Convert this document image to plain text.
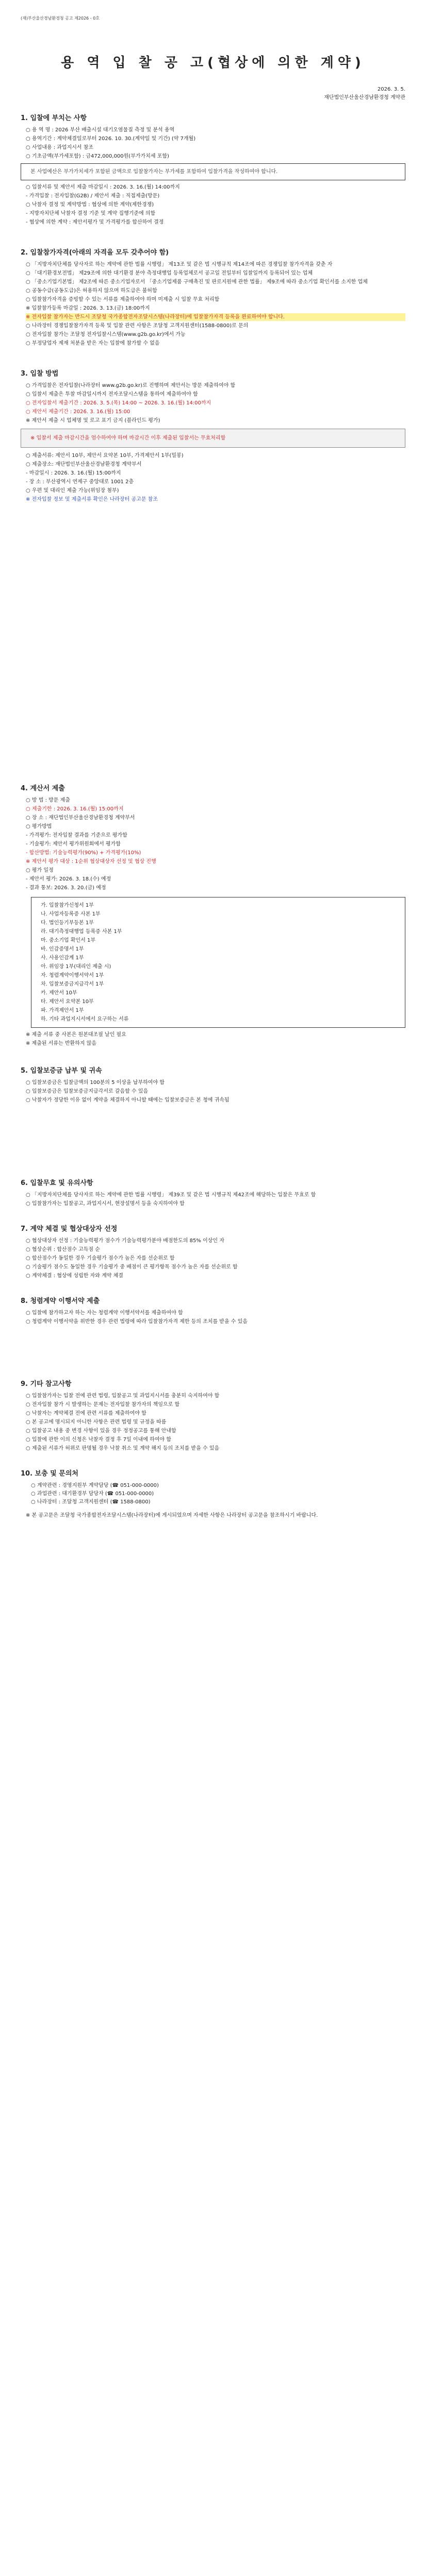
(재)부산울산경남환경청 공고 제2026 - 0호
용 역 입 찰 공 고(협상에 의한 계약)
2026. 3. 5.
재단법인부산울산경남환경청 계약관
1. 입찰에 부치는 사항
○ 용 역 명 : 2026 부산 배출시설 대기오염물질 측정 및 분석 용역
○ 용역기간 : 계약체결일로부터 2026. 10. 30.(계약일 및 기간) (약 7개월)
○ 사업내용 : 과업지시서 참조
○ 기초금액(부가세포함) : 금472,000,000원(부가가치세 포함)
본 사업예산은 부가가치세가 포함된 금액으로 입찰참가자는 부가세를 포함하여 입찰가격을 작성하여야 합니다.
○ 입찰서류 및 제안서 제출 마감일시 : 2026. 3. 16.(월) 14:00까지
- 가격입찰 : 전자입찰(G2B) / 제안서 제출 : 직접제출(방문)
○ 낙찰자 결정 및 계약방법 : 협상에 의한 계약(제한경쟁)
- 지방자치단체 낙찰자 결정 기준 및 계약 집행기준에 의함
- 협상에 의한 계약 : 제안서평가 및 가격평가를 합산하여 결정
2. 입찰참가자격(아래의 자격을 모두 갖추어야 함)
○ 「지방자치단체를 당사자로 하는 계약에 관한 법률 시행령」 제13조 및 같은 법 시행규칙 제14조에 따른 경쟁입찰 참가자격을 갖춘 자
○ 「대기환경보전법」 제29조에 의한 대기환경 분야 측정대행업 등록업체로서 공고일 전일부터 입찰일까지 등록되어 있는 업체
○ 「중소기업기본법」 제2조에 따른 중소기업자로서 「중소기업제품 구매촉진 및 판로지원에 관한 법률」 제9조에 따라 중소기업 확인서를 소지한 업체
○ 공동수급(공동도급)은 허용하지 않으며 하도급은 불허함
○ 입찰참가자격을 증빙할 수 있는 서류를 제출하여야 하며 미제출 시 입찰 무효 처리함
※ 입찰참가등록 마감일 : 2026. 3. 13.(금) 18:00까지
※ 전자입찰 참가자는 반드시 조달청 국가종합전자조달시스템(나라장터)에 입찰참가자격 등록을 완료하여야 합니다.
○ 나라장터 경쟁입찰참가자격 등록 및 입찰 관련 사항은 조달청 고객지원센터(1588-0800)로 문의
○ 전자입찰 참가는 조달청 전자입찰시스템(www.g2b.go.kr)에서 가능
○ 부정당업자 제재 처분을 받은 자는 입찰에 참가할 수 없음
3. 입찰 방법
○ 가격입찰은 전자입찰(나라장터 www.g2b.go.kr)로 진행하며 제안서는 방문 제출하여야 함
○ 입찰서 제출은 투찰 마감일시까지 전자조달시스템을 통하여 제출하여야 함
○ 전자입찰서 제출기간 : 2026. 3. 5.(목) 14:00 ~ 2026. 3. 16.(월) 14:00까지
○ 제안서 제출기간 : 2026. 3. 16.(월) 15:00
※ 제안서 제출 시 업체명 및 로고 표기 금지 (블라인드 평가)
※ 입찰서 제출 마감시간을 엄수하여야 하며 마감시간 이후 제출된 입찰서는 무효처리함
○ 제출서류: 제안서 10부, 제안서 요약본 10부, 가격제안서 1부(밀봉)
○ 제출장소: 재단법인부산울산경남환경청 계약부서
- 마감일시 : 2026. 3. 16.(월) 15:00까지
- 장 소 : 부산광역시 연제구 중앙대로 1001 2층
○ 우편 및 대리인 제출 가능(위임장 첨부)
※ 전자입찰 정보 및 제출서류 확인은 나라장터 공고문 참조
4. 계산서 제출
○ 방 법 : 방문 제출
○ 제출기한 : 2026. 3. 16.(월) 15:00까지
○ 장 소 : 재단법인부산울산경남환경청 계약부서
○ 평가방법
- 가격평가: 전자입찰 결과를 기준으로 평가함
- 기술평가: 제안서 평가위원회에서 평가함
- 합산방법: 기술능력평가(90%) + 가격평가(10%)
※ 제안서 평가 대상 : 1순위 협상대상자 선정 및 협상 진행
○ 평가 일정
- 제안서 평가: 2026. 3. 18.(수) 예정
- 결과 통보: 2026. 3. 20.(금) 예정
가. 입찰참가신청서 1부
나. 사업자등록증 사본 1부
다. 법인등기부등본 1부
라. 대기측정대행업 등록증 사본 1부
마. 중소기업 확인서 1부
바. 인감증명서 1부
사. 사용인감계 1부
아. 위임장 1부(대리인 제출 시)
자. 청렴계약이행서약서 1부
차. 입찰보증금지급각서 1부
카. 제안서 10부
타. 제안서 요약본 10부
파. 가격제안서 1부
하. 기타 과업지시서에서 요구하는 서류
※ 제출 서류 중 사본은 원본대조필 날인 필요
※ 제출된 서류는 반환하지 않음
5. 입찰보증금 납부 및 귀속
○ 입찰보증금은 입찰금액의 100분의 5 이상을 납부하여야 함
○ 입찰보증금은 입찰보증금지급각서로 갈음할 수 있음
○ 낙찰자가 정당한 이유 없이 계약을 체결하지 아니할 때에는 입찰보증금은 본 청에 귀속됨
6. 입찰무효 및 유의사항
○ 「지방자치단체를 당사자로 하는 계약에 관한 법률 시행령」 제39조 및 같은 법 시행규칙 제42조에 해당하는 입찰은 무효로 함
○ 입찰참가자는 입찰공고, 과업지시서, 현장설명서 등을 숙지하여야 함
7. 계약 체결 및 협상대상자 선정
○ 협상대상자 선정 : 기술능력평가 점수가 기술능력평가분야 배점한도의 85% 이상인 자
○ 협상순위 : 합산점수 고득점 순
○ 합산점수가 동일한 경우 기술평가 점수가 높은 자를 선순위로 함
○ 기술평가 점수도 동일한 경우 기술평가 중 배점이 큰 평가항목 점수가 높은 자를 선순위로 함
○ 계약체결 : 협상에 성립한 자와 계약 체결
8. 청렴계약 이행서약 제출
○ 입찰에 참가하고자 하는 자는 청렴계약 이행서약서를 제출하여야 함
○ 청렴계약 이행서약을 위반한 경우 관련 법령에 따라 입찰참가자격 제한 등의 조치를 받을 수 있음
9. 기타 참고사항
○ 입찰참가자는 입찰 전에 관련 법령, 입찰공고 및 과업지시서를 충분히 숙지하여야 함
○ 전자입찰 참가 시 발생하는 문제는 전자입찰 참가자의 책임으로 함
○ 낙찰자는 계약체결 전에 관련 서류를 제출하여야 함
○ 본 공고에 명시되지 아니한 사항은 관련 법령 및 규정을 따름
○ 입찰공고 내용 중 변경 사항이 있을 경우 정정공고를 통해 안내함
○ 입찰에 관한 이의 신청은 낙찰자 결정 후 7일 이내에 하여야 함
○ 제출된 서류가 허위로 판명될 경우 낙찰 취소 및 계약 해지 등의 조치를 받을 수 있음
10. 보충 및 문의처
○ 계약관련 : 경영지원부 계약담당 (☎ 051-000-0000)
○ 과업관련 : 대기환경부 담당자 (☎ 051-000-0000)
○ 나라장터 : 조달청 고객지원센터 (☎ 1588-0800)
※ 본 공고문은 조달청 국가종합전자조달시스템(나라장터)에 게시되었으며 자세한 사항은 나라장터 공고문을 참조하시기 바랍니다.
